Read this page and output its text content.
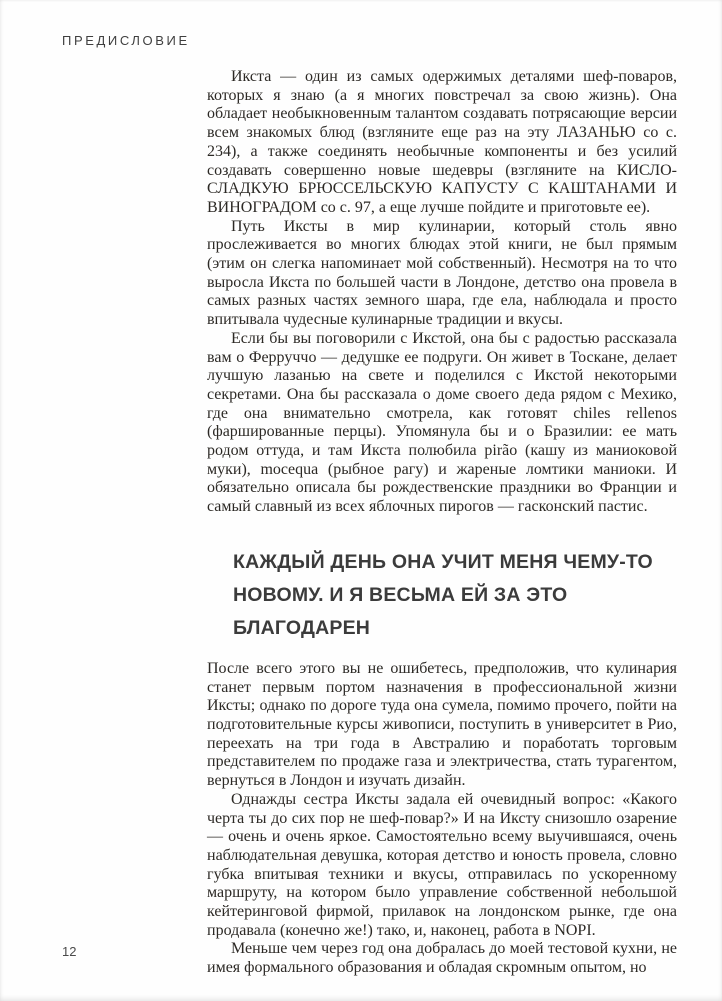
ПРЕДИСЛОВИЕ

Икста — один из самых одержимых деталями шеф-поваров, которых я знаю (а я многих повстречал за свою жизнь). Она обладает необыкновенным талантом создавать потрясающие версии всем знакомых блюд (взгляните еще раз на эту ЛАЗАНЬЮ со с. 234), а также соединять необычные компоненты и без усилий создавать совершенно новые шедевры (взгляните на КИСЛО-СЛАДКУЮ БРЮССЕЛЬСКУЮ КАПУСТУ С КАШТАНАМИ И ВИНОГРАДОМ со с. 97, а еще лучше пойдите и приготовьте ее).

Путь Иксты в мир кулинарии, который столь явно прослеживается во многих блюдах этой книги, не был прямым (этим он слегка напоминает мой собственный). Несмотря на то что выросла Икста по большей части в Лондоне, детство она провела в самых разных частях земного шара, где ела, наблюдала и просто впитывала чудесные кулинарные традиции и вкусы.

Если бы вы поговорили с Икстой, она бы с радостью рассказала вам о Ферруччо — дедушке ее подруги. Он живет в Тоскане, делает лучшую лазанью на свете и поделился с Икстой некоторыми секретами. Она бы рассказала о доме своего деда рядом с Мехико, где она внимательно смотрела, как готовят chiles rellenos (фаршированные перцы). Упомянула бы и о Бразилии: ее мать родом оттуда, и там Икста полюбила pirão (кашу из маниоковой муки), mocequa (рыбное рагу) и жареные ломтики маниоки. И обязательно описала бы рождественские праздники во Франции и самый славный из всех яблочных пирогов — гасконский пастис.

КАЖДЫЙ ДЕНЬ ОНА УЧИТ МЕНЯ ЧЕМУ-ТО
НОВОМУ. И Я ВЕСЬМА ЕЙ ЗА ЭТО БЛАГОДАРЕН

После всего этого вы не ошибетесь, предположив, что кулинария станет первым портом назначения в профессиональной жизни Иксты; однако по дороге туда она сумела, помимо прочего, пойти на подготовительные курсы живописи, поступить в университет в Рио, переехать на три года в Австралию и поработать торговым представителем по продаже газа и электричества, стать турагентом, вернуться в Лондон и изучать дизайн.

Однажды сестра Иксты задала ей очевидный вопрос: «Какого черта ты до сих пор не шеф-повар?» И на Иксту снизошло озарение — очень и очень яркое. Самостоятельно всему выучившаяся, очень наблюдательная девушка, которая детство и юность провела, словно губка впитывая техники и вкусы, отправилась по ускоренному маршруту, на котором было управление собственной небольшой кейтеринговой фирмой, прилавок на лондонском рынке, где она продавала (конечно же!) тако, и, наконец, работа в NOPI.

Меньше чем через год она добралась до моей тестовой кухни, не имея формального образования и обладая скромным опытом, но

12
